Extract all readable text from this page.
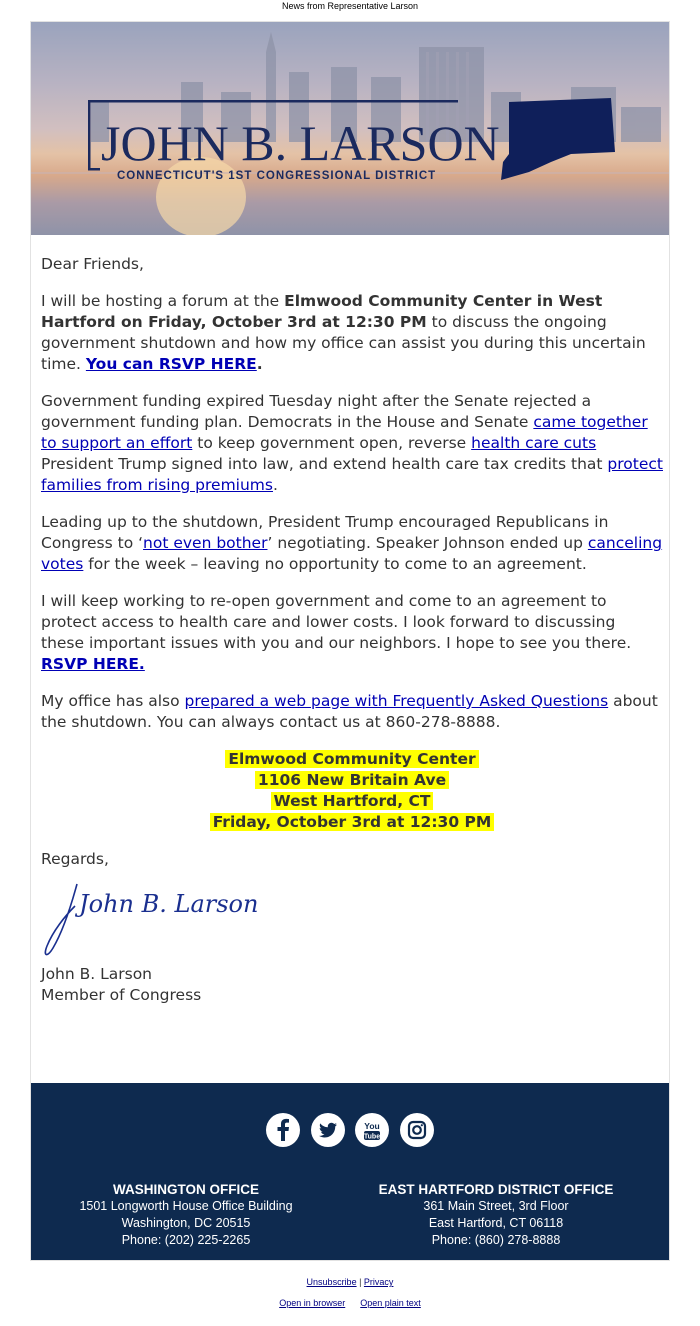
News from Representative Larson
JOHN B. LARSON
CONNECTICUT'S 1ST CONGRESSIONAL DISTRICT

Dear Friends,

I will be hosting a forum at the Elmwood Community Center in West Hartford on Friday, October 3rd at 12:30 PM to discuss the ongoing government shutdown and how my office can assist you during this uncertain time. You can RSVP HERE.

Government funding expired Tuesday night after the Senate rejected a government funding plan. Democrats in the House and Senate came together to support an effort to keep government open, reverse health care cuts President Trump signed into law, and extend health care tax credits that protect families from rising premiums.

Leading up to the shutdown, President Trump encouraged Republicans in Congress to ‘not even bother’ negotiating. Speaker Johnson ended up canceling votes for the week – leaving no opportunity to come to an agreement.

I will keep working to re-open government and come to an agreement to protect access to health care and lower costs. I look forward to discussing these important issues with you and our neighbors. I hope to see you there. RSVP HERE.

My office has also prepared a web page with Frequently Asked Questions about the shutdown. You can always contact us at 860-278-8888.

Elmwood Community Center
1106 New Britain Ave
West Hartford, CT
Friday, October 3rd at 12:30 PM

Regards,

John B. Larson
John B. Larson
Member of Congress

You
Tube

WASHINGTON OFFICE
1501 Longworth House Office Building
Washington, DC 20515
Phone: (202) 225-2265
EAST HARTFORD DISTRICT OFFICE
361 Main Street, 3rd Floor
East Hartford, CT 06118
Phone: (860) 278-8888
Unsubscribe | Privacy
Open in browser Open plain text
